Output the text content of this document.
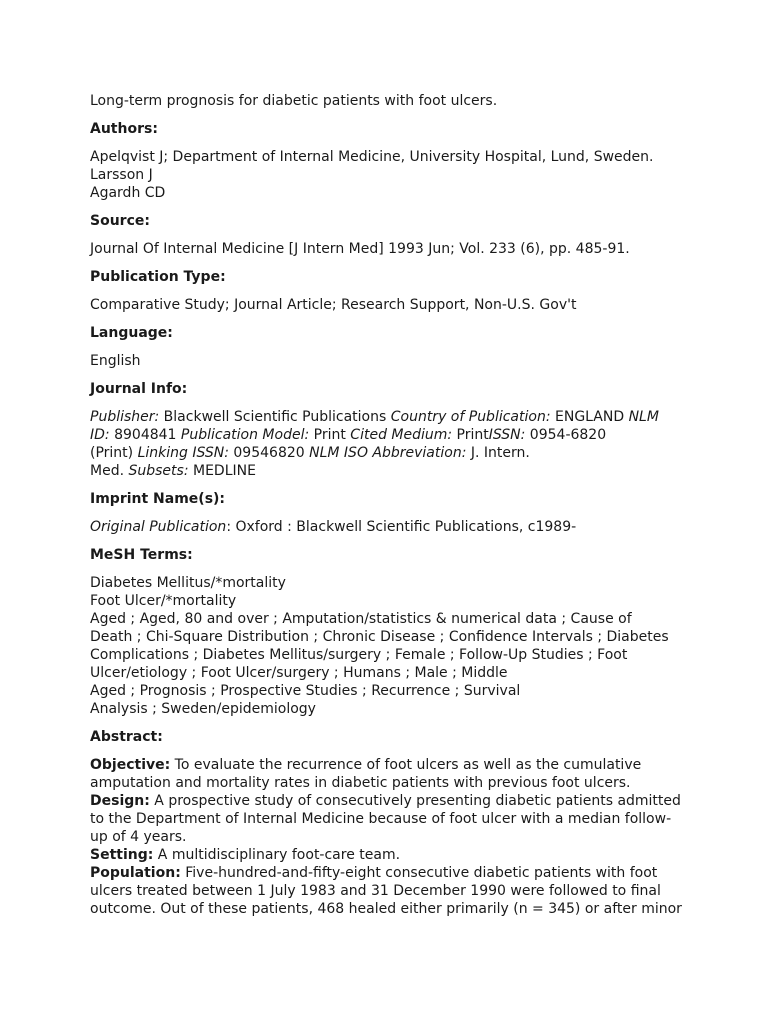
Long-term prognosis for diabetic patients with foot ulcers.
Authors:
Apelqvist J; Department of Internal Medicine, University Hospital, Lund, Sweden.
Larsson J
Agardh CD
Source:
Journal Of Internal Medicine [J Intern Med] 1993 Jun; Vol. 233 (6), pp. 485-91.
Publication Type:
Comparative Study; Journal Article; Research Support, Non-U.S. Gov't
Language:
English
Journal Info:
Publisher: Blackwell Scientific Publications Country of Publication: ENGLAND NLM
ID: 8904841 Publication Model: Print Cited Medium: PrintISSN: 0954-6820
(Print) Linking ISSN: 09546820 NLM ISO Abbreviation: J. Intern.
Med. Subsets: MEDLINE
Imprint Name(s):
Original Publication: Oxford : Blackwell Scientific Publications, c1989-
MeSH Terms:
Diabetes Mellitus/*mortality
Foot Ulcer/*mortality
Aged ; Aged, 80 and over ; Amputation/statistics & numerical data ; Cause of
Death ; Chi-Square Distribution ; Chronic Disease ; Confidence Intervals ; Diabetes
Complications ; Diabetes Mellitus/surgery ; Female ; Follow-Up Studies ; Foot
Ulcer/etiology ; Foot Ulcer/surgery ; Humans ; Male ; Middle
Aged ; Prognosis ; Prospective Studies ; Recurrence ; Survival
Analysis ; Sweden/epidemiology
Abstract:
Objective: To evaluate the recurrence of foot ulcers as well as the cumulative
amputation and mortality rates in diabetic patients with previous foot ulcers.
Design: A prospective study of consecutively presenting diabetic patients admitted
to the Department of Internal Medicine because of foot ulcer with a median follow-
up of 4 years.
Setting: A multidisciplinary foot-care team.
Population: Five-hundred-and-fifty-eight consecutive diabetic patients with foot
ulcers treated between 1 July 1983 and 31 December 1990 were followed to final
outcome. Out of these patients, 468 healed either primarily (n = 345) or after minor
